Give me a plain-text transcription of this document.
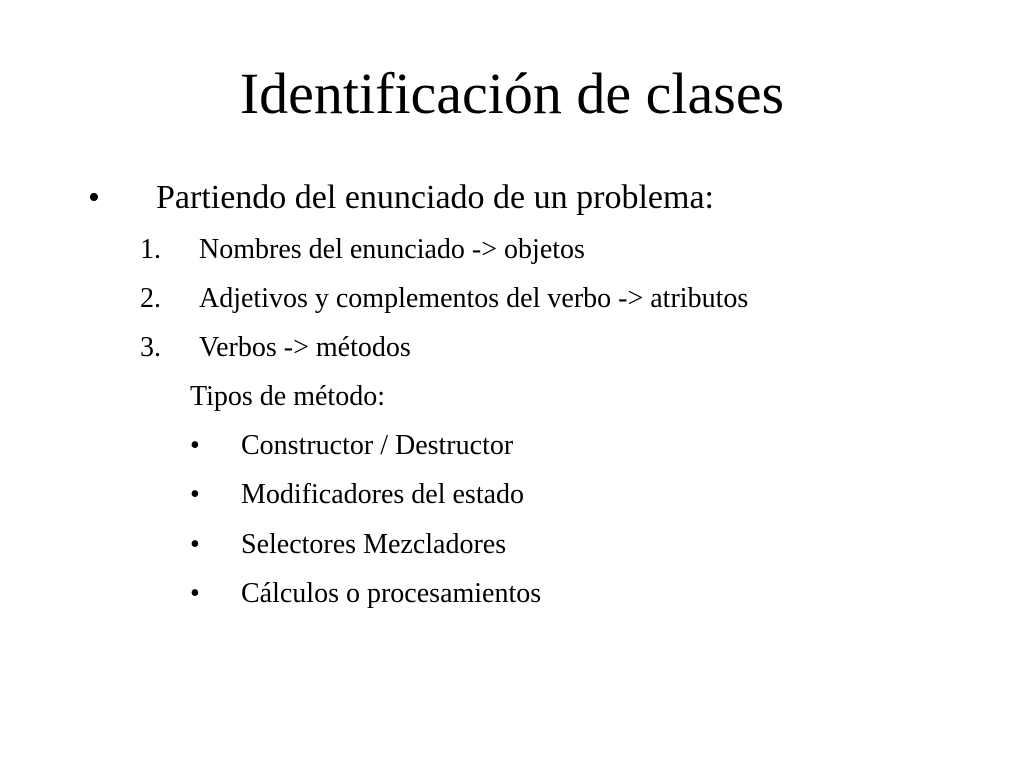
Identificación de clases
• Partiendo del enunciado de un problema:
1. Nombres del enunciado -> objetos
2. Adjetivos y complementos del verbo -> atributos
3. Verbos -> métodos
Tipos de método:
• Constructor / Destructor
• Modificadores del estado
• Selectores Mezcladores
• Cálculos o procesamientos
